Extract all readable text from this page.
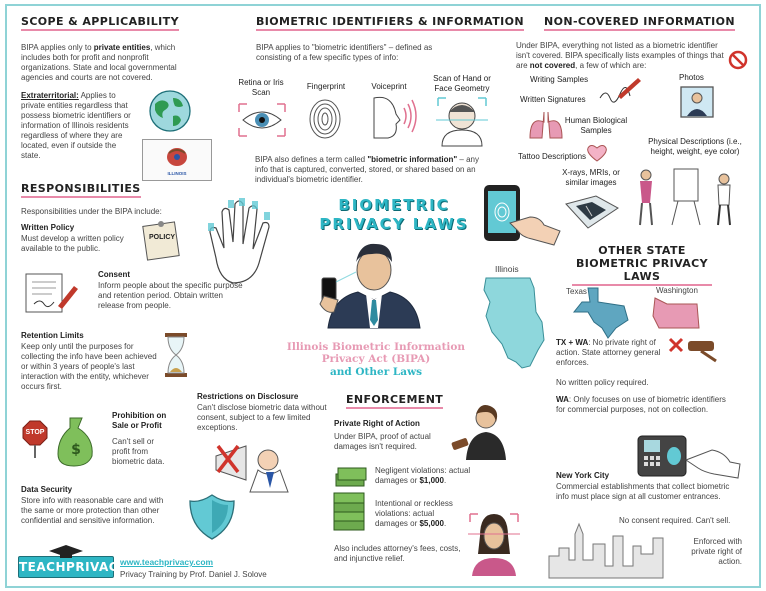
SCOPE & APPLICABILITY
BIPA applies only to private entities, which includes both for profit and nonprofit organizations. State and local governmental agencies and courts are not covered.
Extraterritorial: Applies to private entities regardless that possess biometric identifiers or information of Illinois residents regardless of where they are located, even if outside the state.
ILLINOIS
RESPONSIBILITIES
Responsibilities under the BIPA include:
Written Policy
Must develop a written policy available to the public.
POLICY
Consent
Inform people about the specific purpose and retention period. Obtain written release from people.
Retention Limits
Keep only until the purposes for collecting the info have been achieved or within 3 years of people's last interaction with the entity, whichever occurs first.
STOP
$
Prohibition on Sale or Profit
Can't sell or profit from biometric data.
Restrictions on Disclosure
Can't disclose biometric data without consent, subject to a few limited exceptions.
Data Security
Store info with reasonable care and with the same or more protection than other confidential and sensitive information.
BIOMETRIC IDENTIFIERS & INFORMATION
BIPA applies to "biometric identifiers" – defined as consisting of a few specific types of info:
Retina or Iris Scan
Fingerprint	Voiceprint
Scan of Hand or Face Geometry
BIPA also defines a term called "biometric information" – any info that is captured, converted, stored, or shared based on an individual's biometric identifier.
BIOMETRIC
PRIVACY LAWS
Illinois Biometric Information
Privacy Act (BIPA)
and Other Laws
Illinois
NON-COVERED INFORMATION
Under BIPA, everything not listed as a biometric identifier isn't covered. BIPA specifically lists examples of things that are not covered, a few of which are:
Writing Samples
Written Signatures
Photos
Human Biological Samples
Tattoo Descriptions
Physical Descriptions (i.e., height, weight, eye color)
X-rays, MRIs, or similar images
OTHER STATE
BIOMETRIC PRIVACY LAWS
Texas	Washington
TX + WA: No private right of action. State attorney general enforces.
No written policy required.
WA: Only focuses on use of biometric identifiers for commercial purposes, not on collection.
New York City
Commercial establishments that collect biometric info must place sign at all customer entrances.
No consent required. Can't sell.
Enforced with private right of action.
ENFORCEMENT
Private Right of Action
Under BIPA, proof of actual damages isn't required.
Negligent violations: actual damages or $1,000.
Intentional or reckless violations: actual damages or $5,000.
Also includes attorney's fees, costs, and injunctive relief.
TEACHPRIVACY
www.teachprivacy.com
Privacy Training by Prof. Daniel J. Solove
